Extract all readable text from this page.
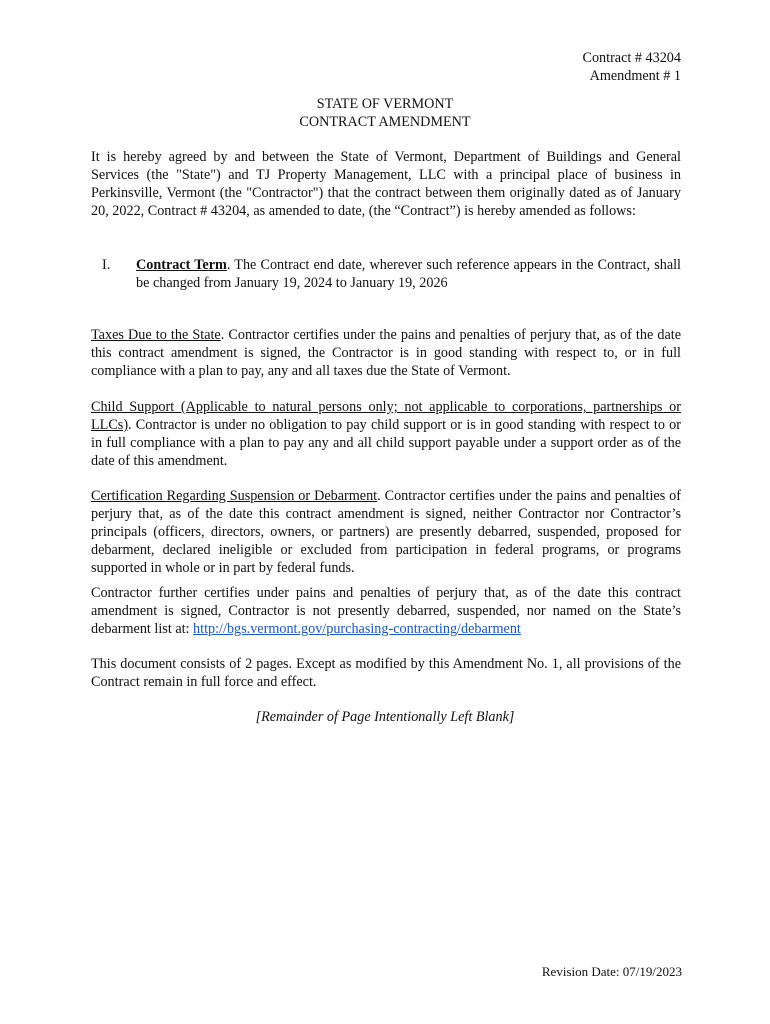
Contract # 43204
Amendment # 1
STATE OF VERMONT
CONTRACT AMENDMENT

It is hereby agreed by and between the State of Vermont, Department of Buildings and General Services (the "State") and TJ Property Management, LLC with a principal place of business in Perkinsville, Vermont (the "Contractor") that the contract between them originally dated as of January 20, 2022, Contract # 43204, as amended to date, (the “Contract”) is hereby amended as follows:

I. Contract Term. The Contract end date, wherever such reference appears in the Contract, shall be changed from January 19, 2024 to January 19, 2026

Taxes Due to the State. Contractor certifies under the pains and penalties of perjury that, as of the date this contract amendment is signed, the Contractor is in good standing with respect to, or in full compliance with a plan to pay, any and all taxes due the State of Vermont.

Child Support (Applicable to natural persons only; not applicable to corporations, partnerships or LLCs). Contractor is under no obligation to pay child support or is in good standing with respect to or in full compliance with a plan to pay any and all child support payable under a support order as of the date of this amendment.

Certification Regarding Suspension or Debarment. Contractor certifies under the pains and penalties of perjury that, as of the date this contract amendment is signed, neither Contractor nor Contractor’s principals (officers, directors, owners, or partners) are presently debarred, suspended, proposed for debarment, declared ineligible or excluded from participation in federal programs, or programs supported in whole or in part by federal funds.

Contractor further certifies under pains and penalties of perjury that, as of the date this contract amendment is signed, Contractor is not presently debarred, suspended, nor named on the State’s debarment list at: http://bgs.vermont.gov/purchasing-contracting/debarment

This document consists of 2 pages. Except as modified by this Amendment No. 1, all provisions of the Contract remain in full force and effect.

[Remainder of Page Intentionally Left Blank]
Revision Date: 07/19/2023
